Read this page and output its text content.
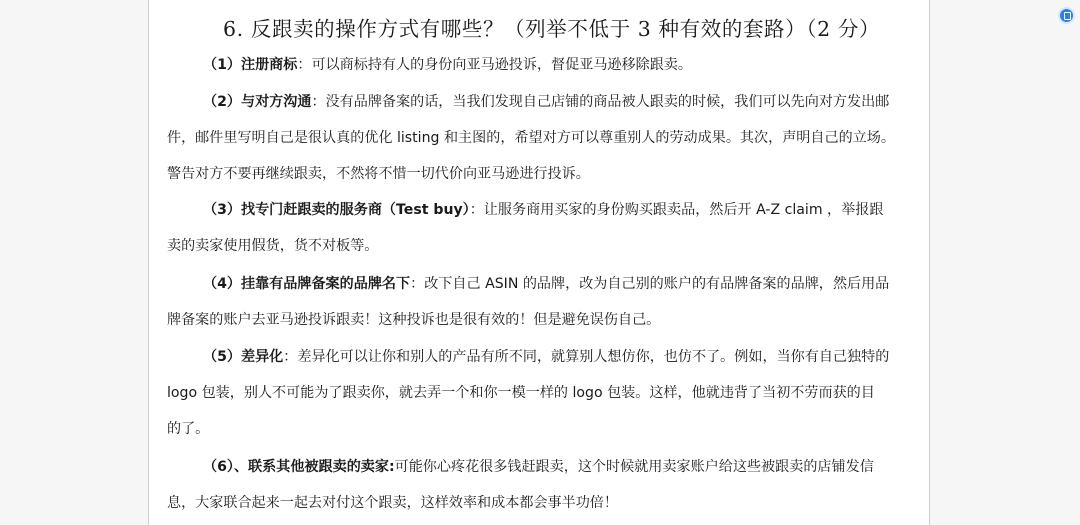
6. 反跟卖的操作方式有哪些？（列举不低于 3 种有效的套路）（2 分）
（1）注册商标：可以商标持有人的身份向亚马逊投诉，督促亚马逊移除跟卖。
（2）与对方沟通：没有品牌备案的话，当我们发现自己店铺的商品被人跟卖的时候，我们可以先向对方发出邮
件，邮件里写明自己是很认真的优化 listing 和主图的，希望对方可以尊重别人的劳动成果。其次，声明自己的立场。
警告对方不要再继续跟卖，不然将不惜一切代价向亚马逊进行投诉。
（3）找专门赶跟卖的服务商（Test buy）：让服务商用买家的身份购买跟卖品，然后开 A-Z claim ，举报跟
卖的卖家使用假货，货不对板等。
（4）挂靠有品牌备案的品牌名下：改下自己 ASIN 的品牌，改为自己别的账户的有品牌备案的品牌，然后用品
牌备案的账户去亚马逊投诉跟卖！这种投诉也是很有效的！但是避免误伤自己。
（5）差异化：差异化可以让你和别人的产品有所不同，就算别人想仿你，也仿不了。例如，当你有自己独特的
logo 包装，别人不可能为了跟卖你，就去弄一个和你一模一样的 logo 包装。这样，他就违背了当初不劳而获的目
的了。
（6）、联系其他被跟卖的卖家:可能你心疼花很多钱赶跟卖，这个时候就用卖家账户给这些被跟卖的店铺发信
息，大家联合起来一起去对付这个跟卖，这样效率和成本都会事半功倍！
